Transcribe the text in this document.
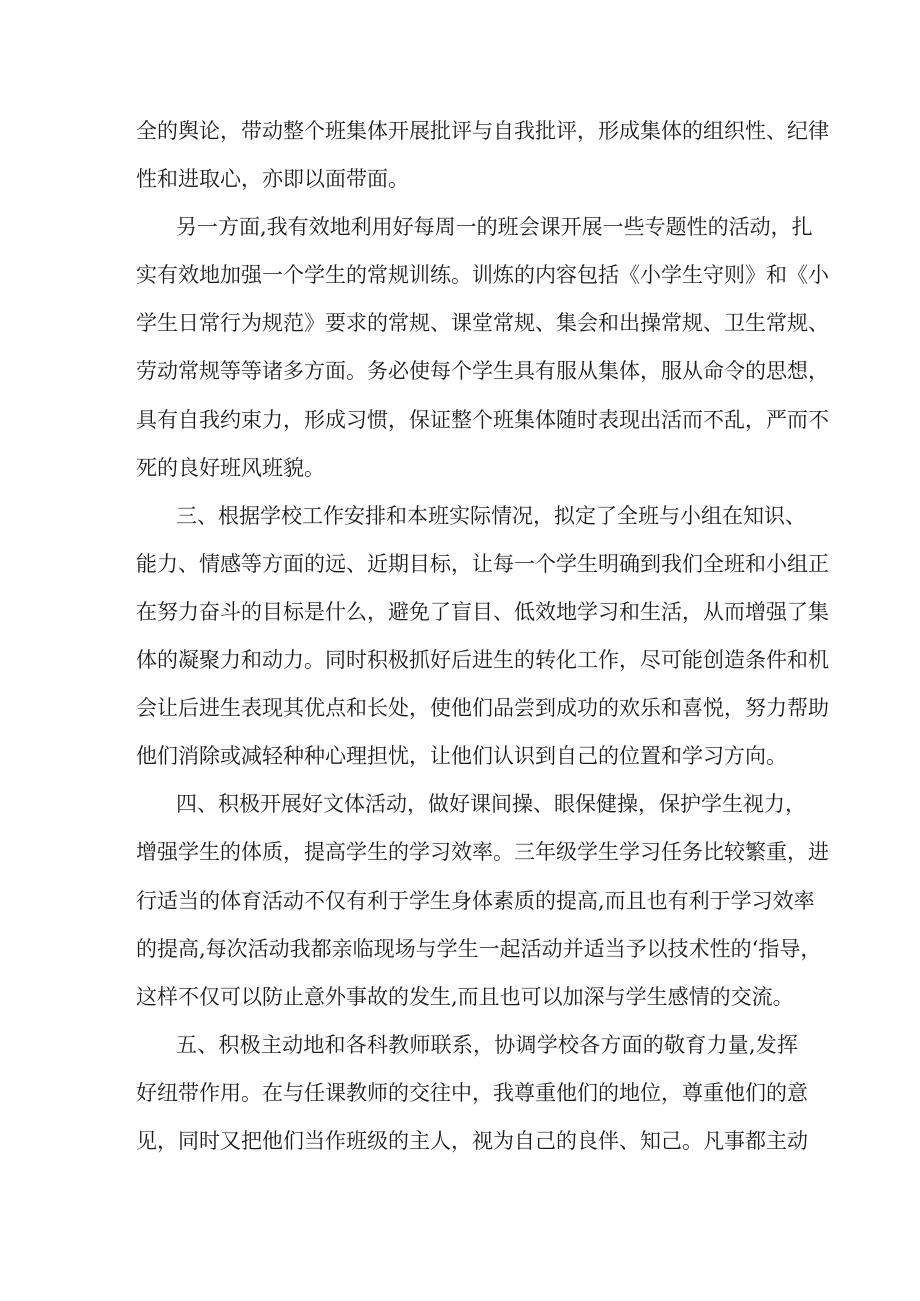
全的舆论，带动整个班集体开展批评与自我批评，形成集体的组织性、纪律
性和进取心，亦即以面带面。
另一方面,我有效地利用好每周一的班会课开展一些专题性的活动，扎
实有效地加强一个学生的常规训练。训炼的内容包括《小学生守则》和《小
学生日常行为规范》要求的常规、课堂常规、集会和出操常规、卫生常规、
劳动常规等等诸多方面。务必使每个学生具有服从集体，服从命令的思想，
具有自我约束力，形成习惯，保证整个班集体随时表现出活而不乱，严而不
死的良好班风班貌。
三、根据学校工作安排和本班实际情况，拟定了全班与小组在知识、
能力、情感等方面的远、近期目标，让每一个学生明确到我们全班和小组正
在努力奋斗的目标是什么，避免了盲目、低效地学习和生活，从而增强了集
体的凝聚力和动力。同时积极抓好后进生的转化工作，尽可能创造条件和机
会让后进生表现其优点和长处，使他们品尝到成功的欢乐和喜悦，努力帮助
他们消除或减轻种种心理担忧，让他们认识到自己的位置和学习方向。
四、积极开展好文体活动，做好课间操、眼保健操，保护学生视力，
增强学生的体质，提高学生的学习效率。三年级学生学习任务比较繁重，进
行适当的体育活动不仅有利于学生身体素质的提高,而且也有利于学习效率
的提高,每次活动我都亲临现场与学生一起活动并适当予以技术性的‘指导，
这样不仅可以防止意外事故的发生,而且也可以加深与学生感情的交流。
五、积极主动地和各科教师联系，协调学校各方面的敬育力量,发挥
好纽带作用。在与任课教师的交往中，我尊重他们的地位，尊重他们的意
见，同时又把他们当作班级的主人，视为自己的良伴、知己。凡事都主动
